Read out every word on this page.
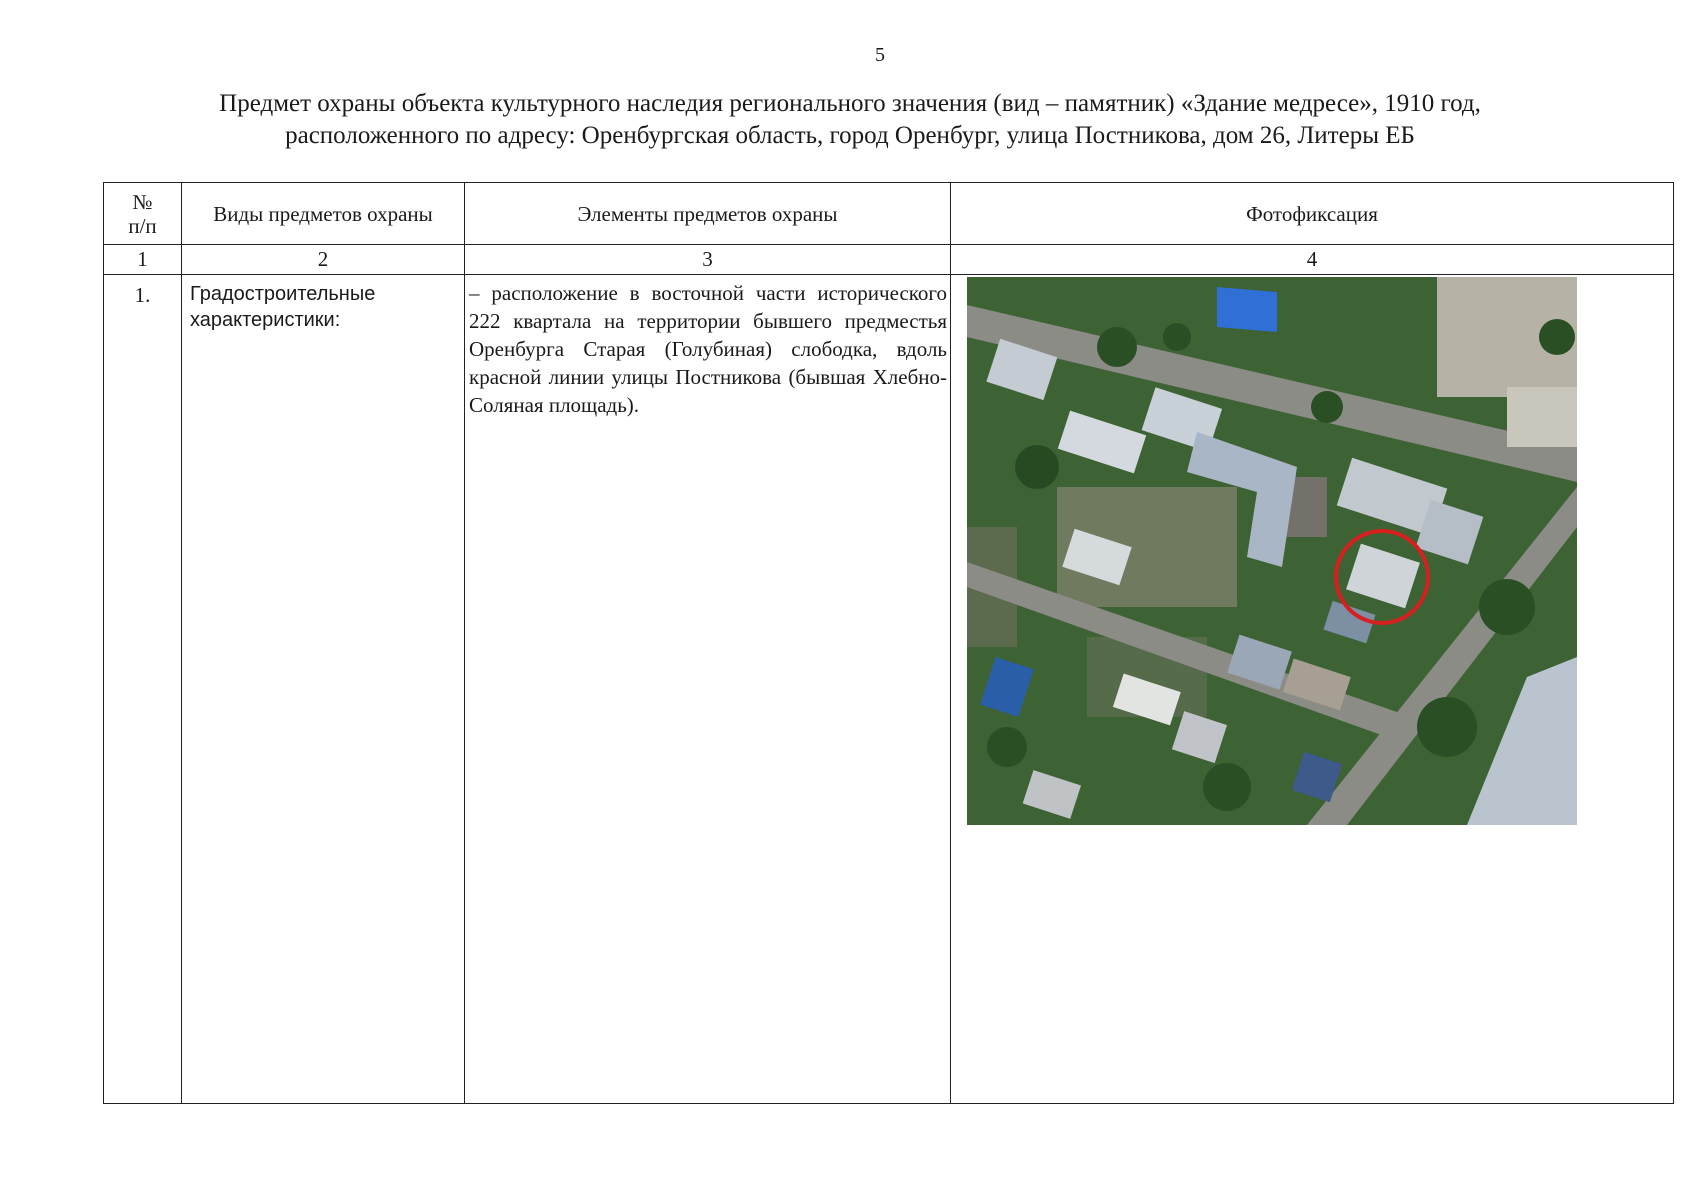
5
Предмет охраны объекта культурного наследия регионального значения (вид – памятник) «Здание медресе», 1910 год,
расположенного по адресу: Оренбургская область, город Оренбург, улица Постникова, дом 26, Литеры ЕБ
№
п/п	Виды предметов охраны	Элементы предметов охраны	Фотофиксация
1	2	3	4
1.	Градостроительные характеристики:	– расположение в восточной части исторического 222 квартала на территории бывшего предместья Оренбурга Старая (Голубиная) слободка, вдоль красной линии улицы Постникова (бывшая Хлебно-Соляная площадь).	
